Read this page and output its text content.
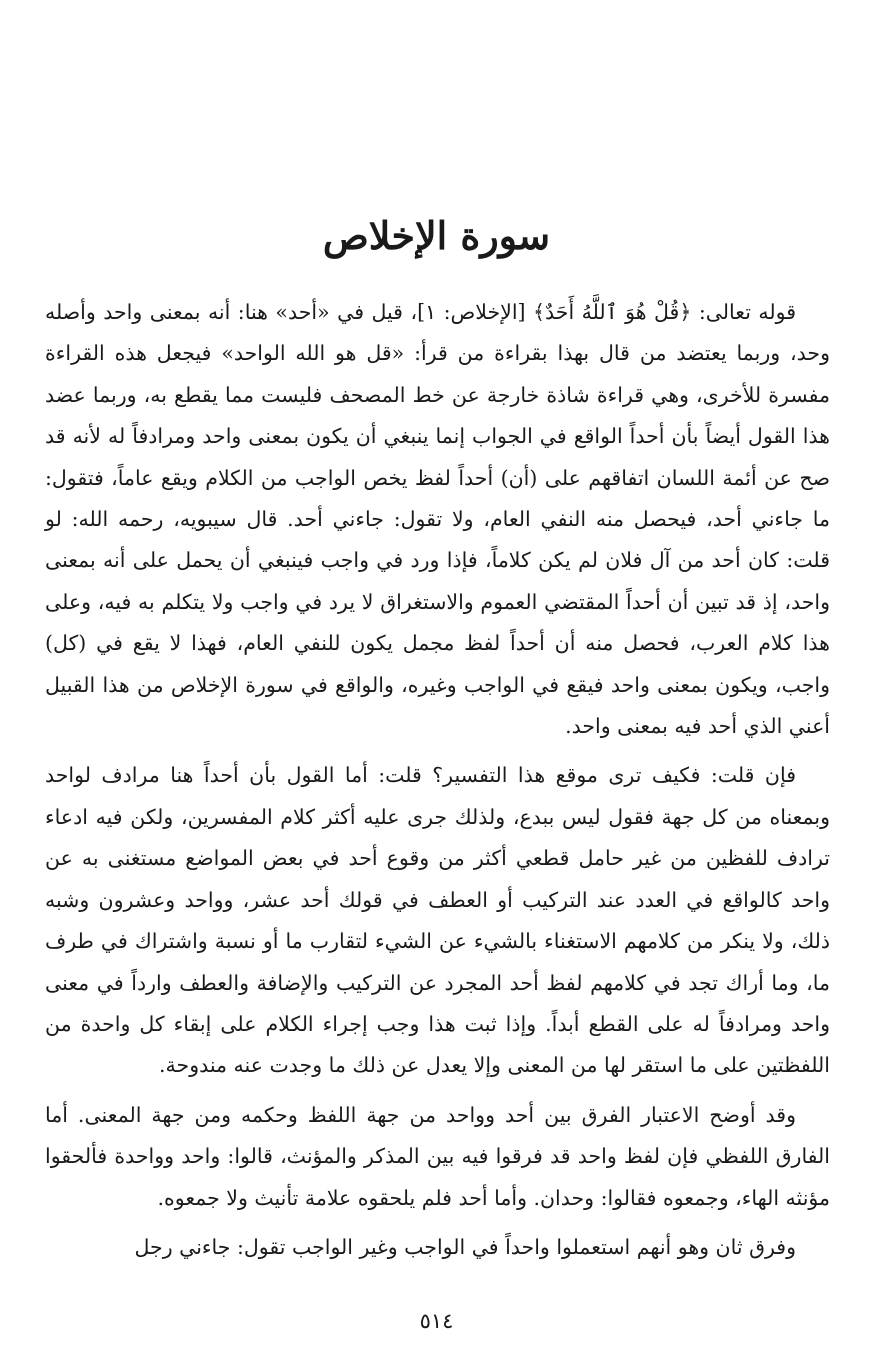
سورة الإخلاص

قوله تعالى: ﴿قُلْ هُوَ ٱللَّهُ أَحَدٌ﴾ [الإخلاص: ١]، قيل في «أحد» هنا: أنه بمعنى واحد وأصله وحد، وربما يعتضد من قال بهذا بقراءة من قرأ: «قل هو الله الواحد» فيجعل هذه القراءة مفسرة للأخرى، وهي قراءة شاذة خارجة عن خط المصحف فليست مما يقطع به، وربما عضد هذا القول أيضاً بأن أحداً الواقع في الجواب إنما ينبغي أن يكون بمعنى واحد ومرادفاً له لأنه قد صح عن أئمة اللسان اتفاقهم على (أن) أحداً لفظ يخص الواجب من الكلام ويقع عاماً، فتقول: ما جاءني أحد، فيحصل منه النفي العام، ولا تقول: جاءني أحد. قال سيبويه، رحمه الله: لو قلت: كان أحد من آل فلان لم يكن كلاماً، فإذا ورد في واجب فينبغي أن يحمل على أنه بمعنى واحد، إذ قد تبين أن أحداً المقتضي العموم والاستغراق لا يرد في واجب ولا يتكلم به فيه، وعلى هذا كلام العرب، فحصل منه أن أحداً لفظ مجمل يكون للنفي العام، فهذا لا يقع في (كل) واجب، ويكون بمعنى واحد فيقع في الواجب وغيره، والواقع في سورة الإخلاص من هذا القبيل أعني الذي أحد فيه بمعنى واحد.

فإن قلت: فكيف ترى موقع هذا التفسير؟ قلت: أما القول بأن أحداً هنا مرادف لواحد وبمعناه من كل جهة فقول ليس ببدع، ولذلك جرى عليه أكثر كلام المفسرين، ولكن فيه ادعاء ترادف للفظين من غير حامل قطعي أكثر من وقوع أحد في بعض المواضع مستغنى به عن واحد كالواقع في العدد عند التركيب أو العطف في قولك أحد عشر، وواحد وعشرون وشبه ذلك، ولا ينكر من كلامهم الاستغناء بالشيء عن الشيء لتقارب ما أو نسبة واشتراك في طرف ما، وما أراك تجد في كلامهم لفظ أحد المجرد عن التركيب والإضافة والعطف وارداً في معنى واحد ومرادفاً له على القطع أبداً. وإذا ثبت هذا وجب إجراء الكلام على إبقاء كل واحدة من اللفظتين على ما استقر لها من المعنى وإلا يعدل عن ذلك ما وجدت عنه مندوحة.

وقد أوضح الاعتبار الفرق بين أحد وواحد من جهة اللفظ وحكمه ومن جهة المعنى. أما الفارق اللفظي فإن لفظ واحد قد فرقوا فيه بين المذكر والمؤنث، قالوا: واحد وواحدة فألحقوا مؤنثه الهاء، وجمعوه فقالوا: وحدان. وأما أحد فلم يلحقوه علامة تأنيث ولا جمعوه.

وفرق ثان وهو أنهم استعملوا واحداً في الواجب وغير الواجب تقول: جاءني رجل

٥١٤
